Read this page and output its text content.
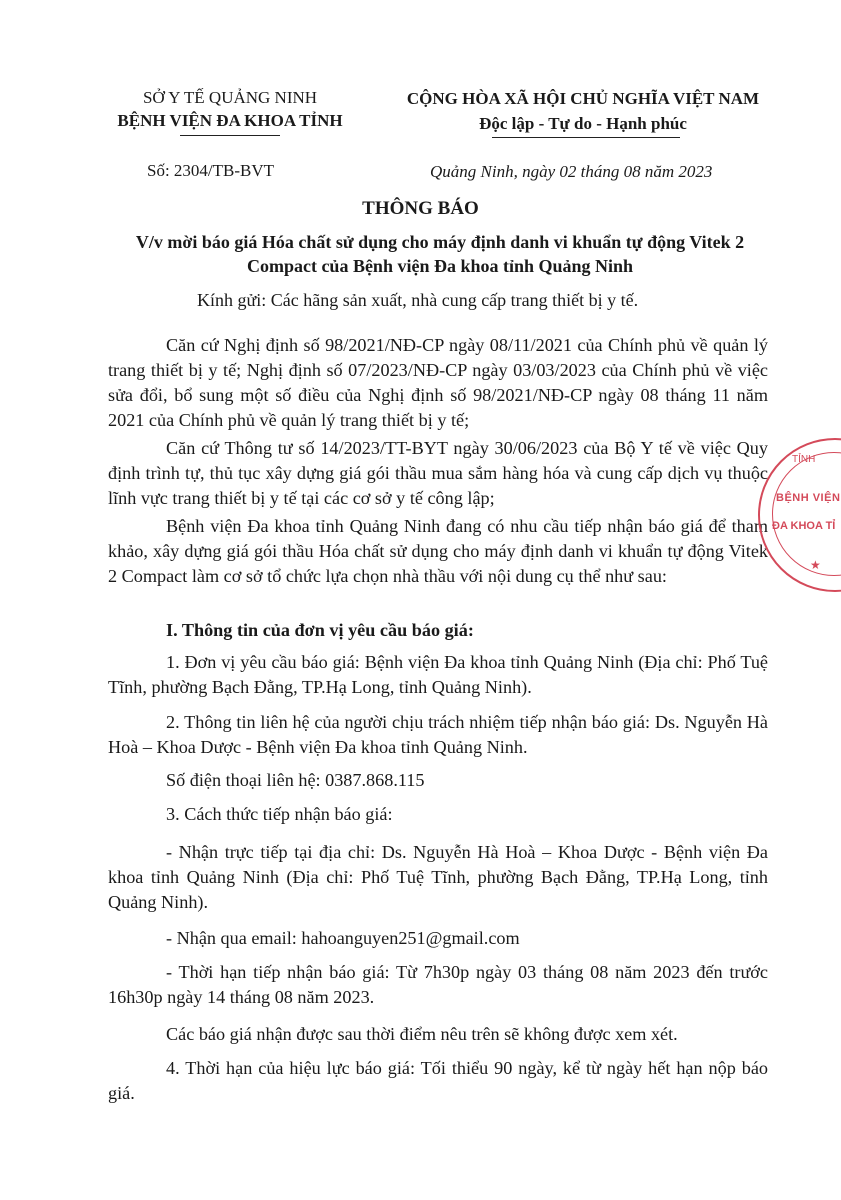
SỞ Y TẾ QUẢNG NINH
BỆNH VIỆN ĐA KHOA TỈNH
CỘNG HÒA XÃ HỘI CHỦ NGHĨA VIỆT NAM
Độc lập - Tự do - Hạnh phúc
Số: 2304/TB-BVT	Quảng Ninh, ngày 02 tháng 08 năm 2023
THÔNG BÁO
V/v mời báo giá Hóa chất sử dụng cho máy định danh vi khuẩn tự động Vitek 2 Compact của Bệnh viện Đa khoa tỉnh Quảng Ninh
Kính gửi: Các hãng sản xuất, nhà cung cấp trang thiết bị y tế.

Căn cứ Nghị định số 98/2021/NĐ-CP ngày 08/11/2021 của Chính phủ về quản lý trang thiết bị y tế; Nghị định số 07/2023/NĐ-CP ngày 03/03/2023 của Chính phủ về việc sửa đổi, bổ sung một số điều của Nghị định số 98/2021/NĐ-CP ngày 08 tháng 11 năm 2021 của Chính phủ về quản lý trang thiết bị y tế;

Căn cứ Thông tư số 14/2023/TT-BYT ngày 30/06/2023 của Bộ Y tế về việc Quy định trình tự, thủ tục xây dựng giá gói thầu mua sắm hàng hóa và cung cấp dịch vụ thuộc lĩnh vực trang thiết bị y tế tại các cơ sở y tế công lập;

Bệnh viện Đa khoa tỉnh Quảng Ninh đang có nhu cầu tiếp nhận báo giá để tham khảo, xây dựng giá gói thầu Hóa chất sử dụng cho máy định danh vi khuẩn tự động Vitek 2 Compact làm cơ sở tổ chức lựa chọn nhà thầu với nội dung cụ thể như sau:

I. Thông tin của đơn vị yêu cầu báo giá:

1. Đơn vị yêu cầu báo giá: Bệnh viện Đa khoa tỉnh Quảng Ninh (Địa chỉ: Phố Tuệ Tĩnh, phường Bạch Đằng, TP.Hạ Long, tỉnh Quảng Ninh).

2. Thông tin liên hệ của người chịu trách nhiệm tiếp nhận báo giá: Ds. Nguyễn Hà Hoà – Khoa Dược - Bệnh viện Đa khoa tỉnh Quảng Ninh.

Số điện thoại liên hệ: 0387.868.115

3. Cách thức tiếp nhận báo giá:

- Nhận trực tiếp tại địa chỉ: Ds. Nguyễn Hà Hoà – Khoa Dược - Bệnh viện Đa khoa tỉnh Quảng Ninh (Địa chỉ: Phố Tuệ Tĩnh, phường Bạch Đằng, TP.Hạ Long, tỉnh Quảng Ninh).

- Nhận qua email: hahoanguyen251@gmail.com

- Thời hạn tiếp nhận báo giá: Từ 7h30p ngày 03 tháng 08 năm 2023 đến trước 16h30p ngày 14 tháng 08 năm 2023.

Các báo giá nhận được sau thời điểm nêu trên sẽ không được xem xét.

4. Thời hạn của hiệu lực báo giá: Tối thiểu 90 ngày, kể từ ngày hết hạn nộp báo giá.

TỈNH
BỆNH VIỆN
ĐA KHOA TỈ
★
